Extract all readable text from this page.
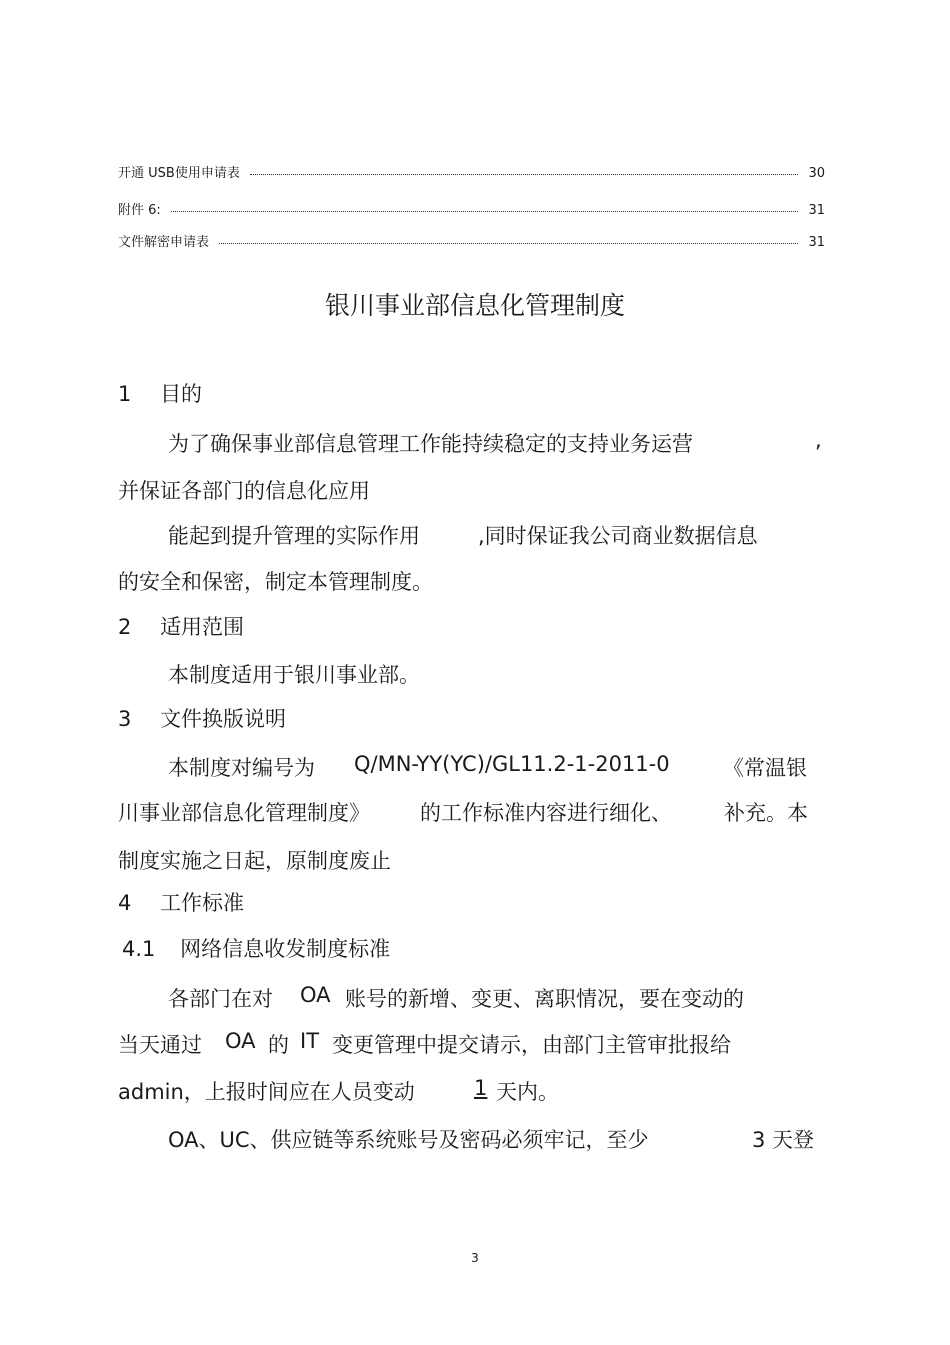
开通 USB使用申请表	30
附件 6:	31
文件解密申请表	31
银川事业部信息化管理制度
1 目的
为了确保事业部信息管理工作能持续稳定的支持业务运营	,
并保证各部门的信息化应用
能起到提升管理的实际作用	,同时保证我公司商业数据信息
的安全和保密，制定本管理制度。
2 适用范围
本制度适用于银川事业部。
3 文件换版说明
本制度对编号为 Q/MN-YY(YC)/GL11.2-1-2011-0	《常温银
川事业部信息化管理制度》 的工作标准内容进行细化、 补充。本
制度实施之日起，原制度废止
4 工作标准
4.1 网络信息收发制度标准
各部门在对 OA 账号的新增、变更、离职情况，要在变动的
当天通过 OA 的 IT 变更管理中提交请示，由部门主管审批报给
admin，上报时间应在人员变动	1 天内。
OA、UC、供应链等系统账号及密码必须牢记，至少	3 天登
3
